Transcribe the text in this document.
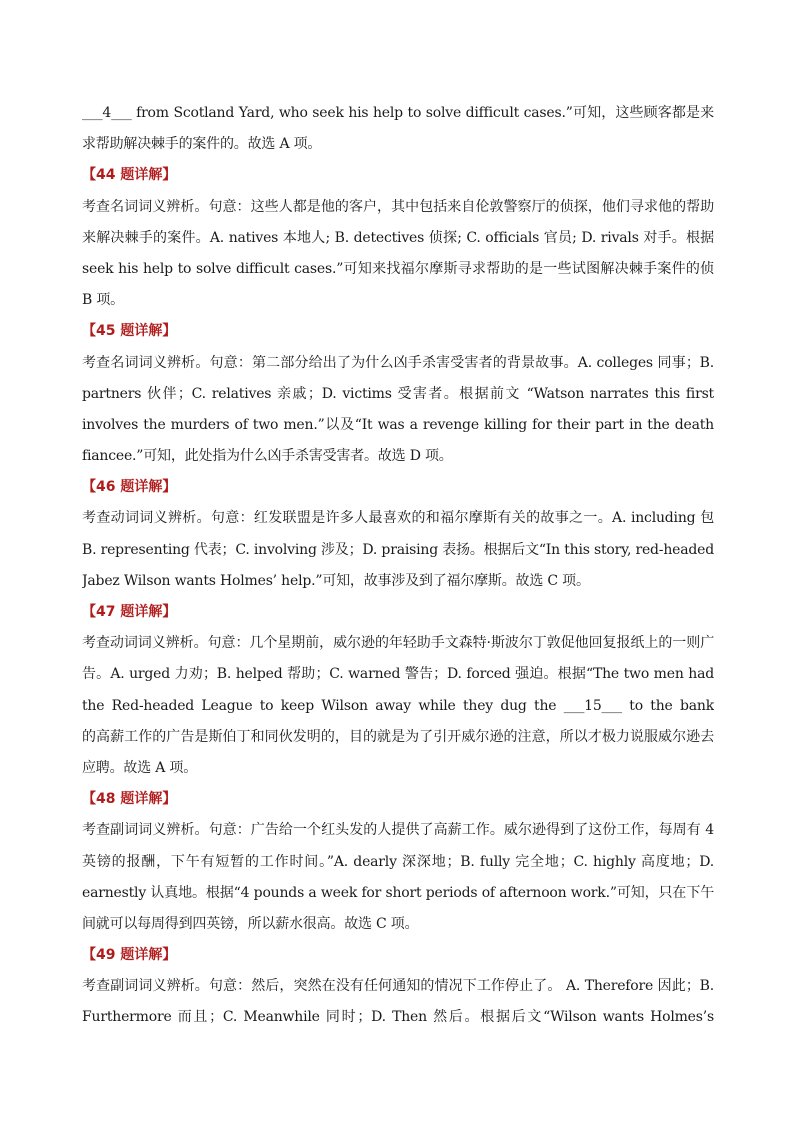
___4___ from Scotland Yard, who seek his help to solve difficult cases.”可知，这些顾客都是来
求帮助解决棘手的案件的。故选 A 项。
【44 题详解】
考查名词词义辨析。句意：这些人都是他的客户，其中包括来自伦敦警察厅的侦探，他们寻求他的帮助
来解决棘手的案件。A. natives 本地人; B. detectives 侦探; C. officials 官员; D. rivals 对手。根据
seek his help to solve difficult cases.”可知来找福尔摩斯寻求帮助的是一些试图解决棘手案件的侦
B 项。
【45 题详解】
考查名词词义辨析。句意：第二部分给出了为什么凶手杀害受害者的背景故事。A. colleges 同事；B.
partners 伙伴；C. relatives 亲戚；D. victims 受害者。根据前文 “Watson narrates this first
involves the murders of two men.”以及“It was a revenge killing for their part in the death
fiancee.”可知，此处指为什么凶手杀害受害者。故选 D 项。
【46 题详解】
考查动词词义辨析。句意：红发联盟是许多人最喜欢的和福尔摩斯有关的故事之一。A. including 包
B. representing 代表；C. involving 涉及；D. praising 表扬。根据后文“In this story, red-headed
Jabez Wilson wants Holmes’ help.”可知，故事涉及到了福尔摩斯。故选 C 项。
【47 题详解】
考查动词词义辨析。句意：几个星期前，威尔逊的年轻助手文森特·斯波尔丁敦促他回复报纸上的一则广
告。A. urged 力劝；B. helped 帮助；C. warned 警告；D. forced 强迫。根据“The two men had
the Red-headed League to keep Wilson away while they dug the ___15___ to the bank
的高薪工作的广告是斯伯丁和同伙发明的，目的就是为了引开威尔逊的注意，所以才极力说服威尔逊去
应聘。故选 A 项。
【48 题详解】
考查副词词义辨析。句意：广告给一个红头发的人提供了高薪工作。威尔逊得到了这份工作，每周有 4
英镑的报酬，下午有短暂的工作时间。”A. dearly 深深地；B. fully 完全地；C. highly 高度地；D.
earnestly 认真地。根据“4 pounds a week for short periods of afternoon work.”可知，只在下午
间就可以每周得到四英镑，所以薪水很高。故选 C 项。
【49 题详解】
考查副词词义辨析。句意：然后，突然在没有任何通知的情况下工作停止了。 A. Therefore 因此；B.
Furthermore 而且；C. Meanwhile 同时；D. Then 然后。根据后文“Wilson wants Holmes’s
